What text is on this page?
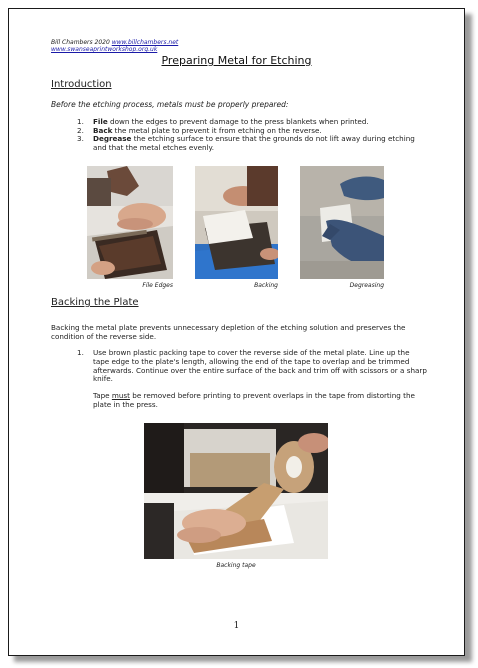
Bill Chambers 2020 www.billchambers.net
www.swanseaprintworkshop.org.uk
Preparing Metal for Etching
Introduction
Before the etching process, metals must be properly prepared:
1. File down the edges to prevent damage to the press blankets when printed.
2. Back the metal plate to prevent it from etching on the reverse.
3. Degrease the etching surface to ensure that the grounds do not lift away during etching and that the metal etches evenly.
File Edges	Backing	Degreasing
Backing the Plate
Backing the metal plate prevents unnecessary depletion of the etching solution and preserves the condition of the reverse side.
1.	Use brown plastic packing tape to cover the reverse side of the metal plate. Line up the tape edge to the plate's length, allowing the end of the tape to overlap and be trimmed afterwards. Continue over the entire surface of the back and trim off with scissors or a sharp knife.
Tape must be removed before printing to prevent overlaps in the tape from distorting the plate in the press.
Backing tape
1
